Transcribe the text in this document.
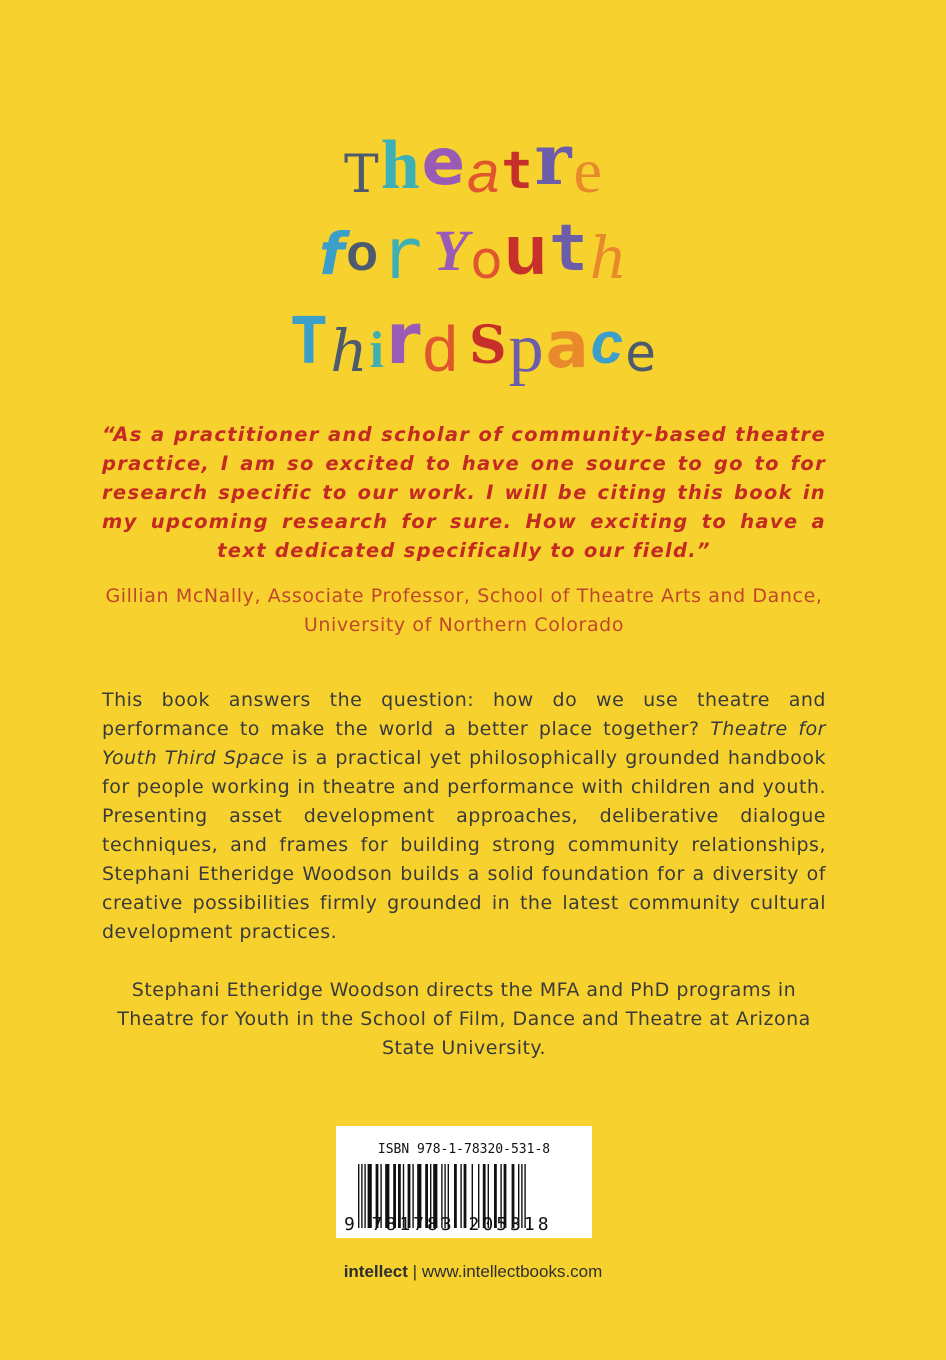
Theatre
for Youth
Third Space
“As a practitioner and scholar of community-based theatre practice, I am so excited to have one source to go to for research specific to our work. I will be citing this book in my upcoming research for sure. How exciting to have a text dedicated specifically to our field.”
Gillian McNally, Associate Professor, School of Theatre Arts and Dance, University of Northern Colorado
This book answers the question: how do we use theatre and performance to make the world a better place together? Theatre for Youth Third Space is a practical yet philosophically grounded handbook for people working in theatre and performance with children and youth. Presenting asset development approaches, deliberative dialogue techniques, and frames for building strong community relationships, Stephani Etheridge Woodson builds a solid foundation for a diversity of creative possibilities firmly grounded in the latest community cultural development practices.
Stephani Etheridge Woodson directs the MFA and PhD programs in Theatre for Youth in the School of Film, Dance and Theatre at Arizona State University.
ISBN 978-1-78320-531-8
9 781783 205318
intellect | www.intellectbooks.com
